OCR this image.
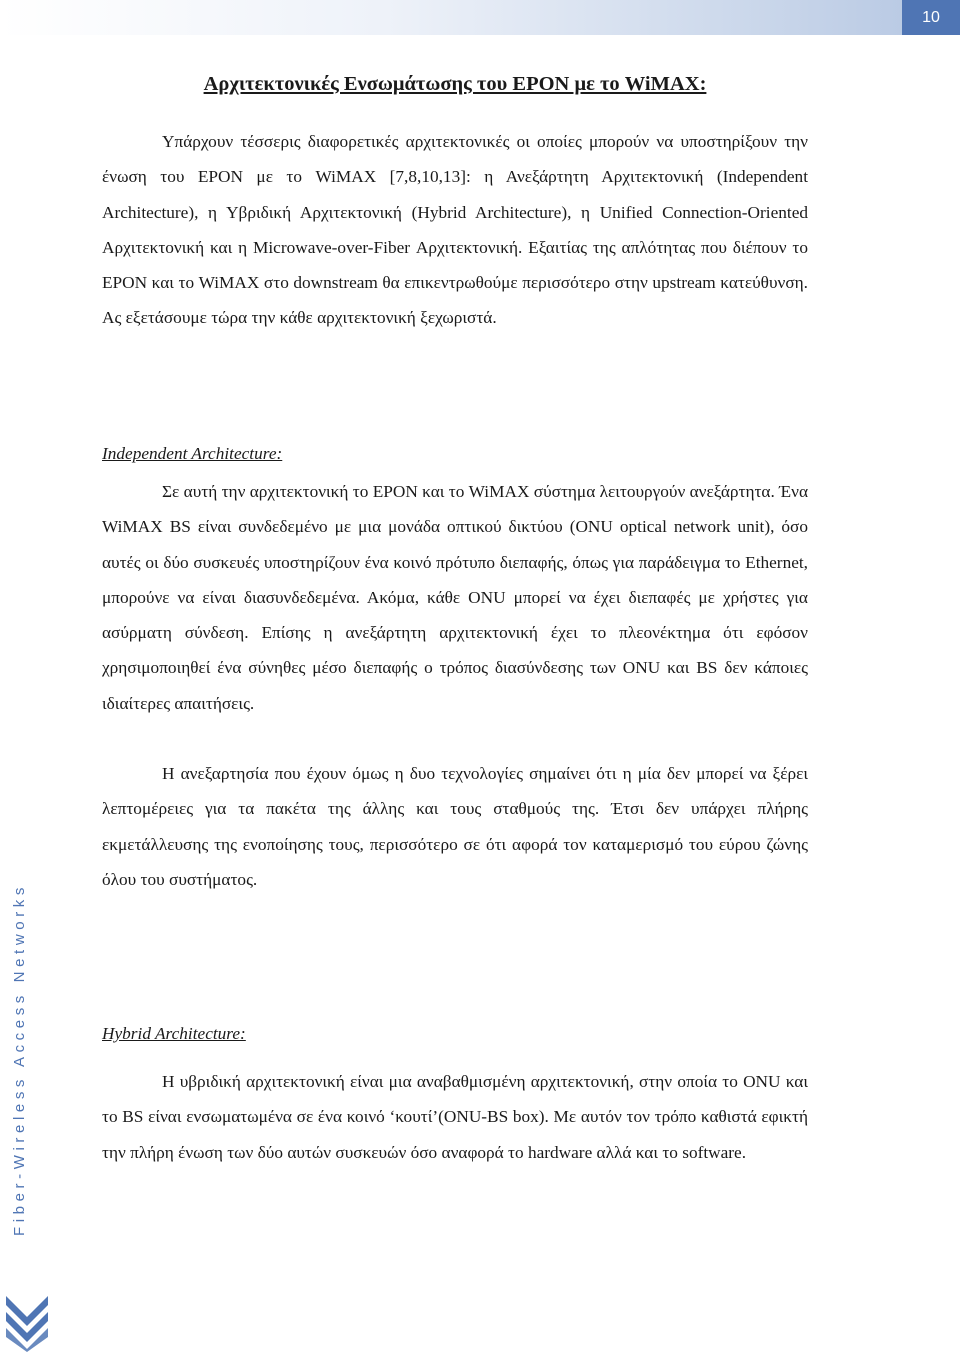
10
Fiber-Wireless Access Networks
Αρχιτεκτονικές Ενσωμάτωσης του EPON με το WiMAX:

Υπάρχουν τέσσερις διαφορετικές αρχιτεκτονικές οι οποίες μπορούν να υποστηρίξουν την ένωση του EPON με το WiMAX [7,8,10,13]: η Ανεξάρτητη Αρχιτεκτονική (Independent Architecture), η Υβριδική Αρχιτεκτονική (Hybrid Architecture), η Unified Connection-Oriented Αρχιτεκτονική και η Microwave-over-Fiber Αρχιτεκτονική. Εξαιτίας της απλότητας που διέπουν το EPON και το WiMAX στο downstream θα επικεντρωθούμε περισσότερο στην upstream κατεύθυνση. Ας εξετάσουμε τώρα την κάθε αρχιτεκτονική ξεχωριστά.

Independent Architecture:

Σε αυτή την αρχιτεκτονική το EPON και το WiMAX σύστημα λειτουργούν ανεξάρτητα. Ένα WiMAX BS είναι συνδεδεμένο με μια μονάδα οπτικού δικτύου (ONU optical network unit), όσο αυτές οι δύο συσκευές υποστηρίζουν ένα κοινό πρότυπο διεπαφής, όπως για παράδειγμα το Ethernet, μπορούνε να είναι διασυνδεδεμένα. Ακόμα, κάθε ONU μπορεί να έχει διεπαφές με χρήστες για ασύρματη σύνδεση. Επίσης η ανεξάρτητη αρχιτεκτονική έχει το πλεονέκτημα ότι εφόσον χρησιμοποιηθεί ένα σύνηθες μέσο διεπαφής ο τρόπος διασύνδεσης των ONU και BS δεν κάποιες ιδιαίτερες απαιτήσεις.

Η ανεξαρτησία που έχουν όμως η δυο τεχνολογίες σημαίνει ότι η μία δεν μπορεί να ξέρει λεπτομέρειες για τα πακέτα της άλλης και τους σταθμούς της. Έτσι δεν υπάρχει πλήρης εκμετάλλευσης της ενοποίησης τους, περισσότερο σε ότι αφορά τον καταμερισμό του εύρου ζώνης όλου του συστήματος.

Hybrid Architecture:

Η υβριδική αρχιτεκτονική είναι μια αναβαθμισμένη αρχιτεκτονική, στην οποία το ONU και το BS είναι ενσωματωμένα σε ένα κοινό ‘κουτί’(ONU-BS box). Με αυτόν τον τρόπο καθιστά εφικτή την πλήρη ένωση των δύο αυτών συσκευών όσο αναφορά το hardware αλλά και το software.
